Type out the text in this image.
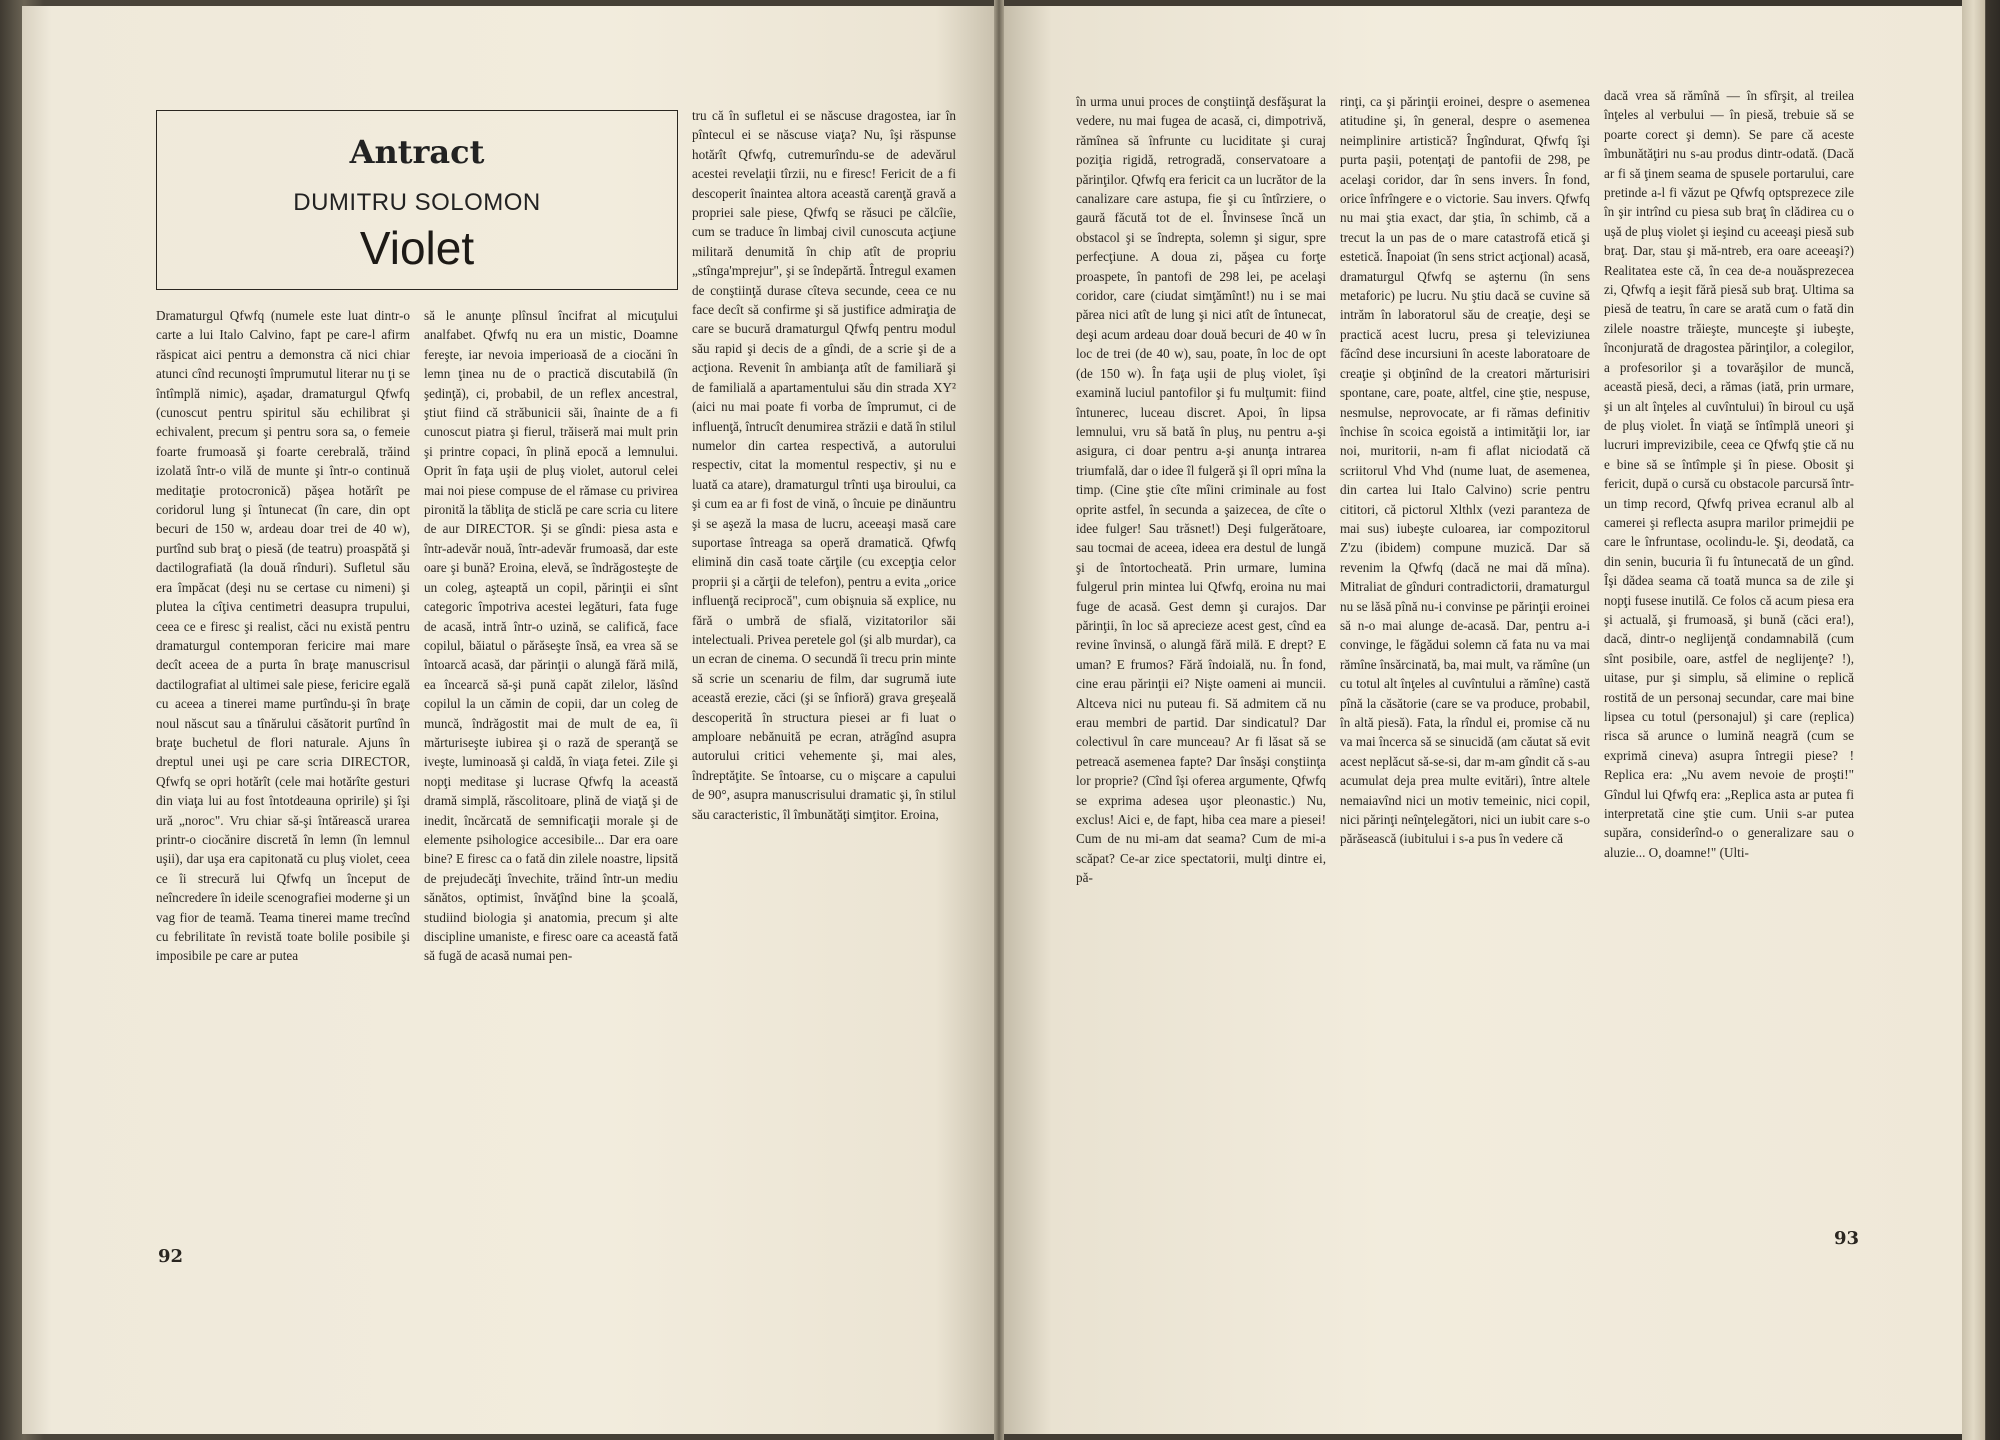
Antract
DUMITRU SOLOMON
Violet

Dramaturgul Qfwfq (numele este luat dintr-o carte a lui Italo Calvino, fapt pe care-l afirm răspicat aici pentru a demonstra că nici chiar atunci cînd recunoşti împrumutul literar nu ţi se întîmplă nimic), aşadar, dramaturgul Qfwfq (cunoscut pentru spiritul său echilibrat şi echivalent, precum şi pentru sora sa, o femeie foarte frumoasă şi foarte cerebrală, trăind izolată într-o vilă de munte şi într-o continuă meditaţie protocronică) păşea hotărît pe coridorul lung şi întunecat (în care, din opt becuri de 150 w, ardeau doar trei de 40 w), purtînd sub braţ o piesă (de teatru) proaspătă şi dactilografiată (la două rînduri). Sufletul său era împăcat (deşi nu se certase cu nimeni) şi plutea la cîţiva centimetri deasupra trupului, ceea ce e firesc şi realist, căci nu există pentru dramaturgul contemporan fericire mai mare decît aceea de a purta în braţe manuscrisul dactilografiat al ultimei sale piese, fericire egală cu aceea a tinerei mame purtîndu-şi în braţe noul născut sau a tînărului căsătorit purtînd în braţe buchetul de flori naturale. Ajuns în dreptul unei uşi pe care scria DIRECTOR, Qfwfq se opri hotărît (cele mai hotărîte gesturi din viaţa lui au fost întotdeauna opririle) şi îşi ură „noroc". Vru chiar să-şi întărească urarea printr-o ciocănire discretă în lemn (în lemnul uşii), dar uşa era capitonată cu pluş violet, ceea ce îi strecură lui Qfwfq un început de neîncredere în ideile scenografiei moderne şi un vag fior de teamă. Teama tinerei mame trecînd cu febrilitate în revistă toate bolile posibile şi imposibile pe care ar putea

să le anunţe plînsul încifrat al micuţului analfabet. Qfwfq nu era un mistic, Doamne fereşte, iar nevoia imperioasă de a ciocăni în lemn ţinea nu de o practică discutabilă (în şedinţă), ci, probabil, de un reflex ancestral, ştiut fiind că străbunicii săi, înainte de a fi cunoscut piatra şi fierul, trăiseră mai mult prin şi printre copaci, în plină epocă a lemnului. Oprit în faţa uşii de pluş violet, autorul celei mai noi piese compuse de el rămase cu privirea pironită la tăbliţa de sticlă pe care scria cu litere de aur DIRECTOR. Şi se gîndi: piesa asta e într-adevăr nouă, într-adevăr frumoasă, dar este oare şi bună? Eroina, elevă, se îndrăgosteşte de un coleg, aşteaptă un copil, părinţii ei sînt categoric împotriva acestei legături, fata fuge de acasă, intră într-o uzină, se califică, face copilul, băiatul o părăseşte însă, ea vrea să se întoarcă acasă, dar părinţii o alungă fără milă, ea încearcă să-şi pună capăt zilelor, lăsînd copilul la un cămin de copii, dar un coleg de muncă, îndrăgostit mai de mult de ea, îi mărturiseşte iubirea şi o rază de speranţă se iveşte, luminoasă şi caldă, în viaţa fetei. Zile şi nopţi meditase şi lucrase Qfwfq la această dramă simplă, răscolitoare, plină de viaţă şi de inedit, încărcată de semnificaţii morale şi de elemente psihologice accesibile... Dar era oare bine? E firesc ca o fată din zilele noastre, lipsită de prejudecăţi învechite, trăind într-un mediu sănătos, optimist, învăţînd bine la şcoală, studiind biologia şi anatomia, precum şi alte discipline umaniste, e firesc oare ca această fată să fugă de acasă numai pen-

tru că în sufletul ei se născuse dragostea, iar în pîntecul ei se născuse viaţa? Nu, îşi răspunse hotărît Qfwfq, cutremurîndu-se de adevărul acestei revelaţii tîrzii, nu e firesc! Fericit de a fi descoperit înaintea altora această carenţă gravă a propriei sale piese, Qfwfq se răsuci pe călcîie, cum se traduce în limbaj civil cunoscuta acţiune militară denumită în chip atît de propriu „stînga'mprejur", şi se îndepărtă. Întregul examen de conştiinţă durase cîteva secunde, ceea ce nu face decît să confirme şi să justifice admiraţia de care se bucură dramaturgul Qfwfq pentru modul său rapid şi decis de a gîndi, de a scrie şi de a acţiona. Revenit în ambianţa atît de familiară şi de familială a apartamentului său din strada XY² (aici nu mai poate fi vorba de împrumut, ci de influenţă, întrucît denumirea străzii e dată în stilul numelor din cartea respectivă, a autorului respectiv, citat la momentul respectiv, şi nu e luată ca atare), dramaturgul trînti uşa biroului, ca şi cum ea ar fi fost de vină, o încuie pe dinăuntru şi se aşeză la masa de lucru, aceeaşi masă care suportase întreaga sa operă dramatică. Qfwfq elimină din casă toate cărţile (cu excepţia celor proprii şi a cărţii de telefon), pentru a evita „orice influenţă reciprocă", cum obişnuia să explice, nu fără o umbră de sfială, vizitatorilor săi intelectuali. Privea peretele gol (şi alb murdar), ca un ecran de cinema. O secundă îi trecu prin minte să scrie un scenariu de film, dar sugrumă iute această erezie, căci (şi se înfioră) grava greşeală descoperită în structura piesei ar fi luat o amploare nebănuită pe ecran, atrăgînd asupra autorului critici vehemente şi, mai ales, îndreptăţite. Se întoarse, cu o mişcare a capului de 90°, asupra manuscrisului dramatic şi, în stilul său caracteristic, îl îmbunătăţi simţitor. Eroina,

92

în urma unui proces de conştiinţă desfăşurat la vedere, nu mai fugea de acasă, ci, dimpotrivă, rămînea să înfrunte cu luciditate şi curaj poziţia rigidă, retrogradă, conservatoare a părinţilor. Qfwfq era fericit ca un lucrător de la canalizare care astupa, fie şi cu întîrziere, o gaură făcută tot de el. Învinsese încă un obstacol şi se îndrepta, solemn şi sigur, spre perfecţiune. A doua zi, păşea cu forţe proaspete, în pantofi de 298 lei, pe acelaşi coridor, care (ciudat simţămînt!) nu i se mai părea nici atît de lung şi nici atît de întunecat, deşi acum ardeau doar două becuri de 40 w în loc de trei (de 40 w), sau, poate, în loc de opt (de 150 w). În faţa uşii de pluş violet, îşi examină luciul pantofilor şi fu mulţumit: fiind întunerec, luceau discret. Apoi, în lipsa lemnului, vru să bată în pluş, nu pentru a-şi asigura, ci doar pentru a-şi anunţa intrarea triumfală, dar o idee îl fulgeră şi îl opri mîna la timp. (Cine ştie cîte mîini criminale au fost oprite astfel, în secunda a şaizecea, de cîte o idee fulger! Sau trăsnet!) Deşi fulgerătoare, sau tocmai de aceea, ideea era destul de lungă şi de întortocheată. Prin urmare, lumina fulgerul prin mintea lui Qfwfq, eroina nu mai fuge de acasă. Gest demn şi curajos. Dar părinţii, în loc să aprecieze acest gest, cînd ea revine învinsă, o alungă fără milă. E drept? E uman? E frumos? Fără îndoială, nu. În fond, cine erau părinţii ei? Nişte oameni ai muncii. Altceva nici nu puteau fi. Să admitem că nu erau membri de partid. Dar sindicatul? Dar colectivul în care munceau? Ar fi lăsat să se petreacă asemenea fapte? Dar însăşi conştiinţa lor proprie? (Cînd îşi oferea argumente, Qfwfq se exprima adesea uşor pleonastic.) Nu, exclus! Aici e, de fapt, hiba cea mare a piesei! Cum de nu mi-am dat seama? Cum de mi-a scăpat? Ce-ar zice spectatorii, mulţi dintre ei, pă-

rinţi, ca şi părinţii eroinei, despre o asemenea atitudine şi, în general, despre o asemenea neimplinire artistică? Îngîndurat, Qfwfq îşi purta paşii, potenţaţi de pantofii de 298, pe acelaşi coridor, dar în sens invers. În fond, orice înfrîngere e o victorie. Sau invers. Qfwfq nu mai ştia exact, dar ştia, în schimb, că a trecut la un pas de o mare catastrofă etică şi estetică. Înapoiat (în sens strict acţional) acasă, dramaturgul Qfwfq se aşternu (în sens metaforic) pe lucru. Nu ştiu dacă se cuvine să intrăm în laboratorul său de creaţie, deşi se practică acest lucru, presa şi televiziunea făcînd dese incursiuni în aceste laboratoare de creaţie şi obţinînd de la creatori mărturisiri spontane, care, poate, altfel, cine ştie, nespuse, nesmulse, neprovocate, ar fi rămas definitiv închise în scoica egoistă a intimităţii lor, iar noi, muritorii, n-am fi aflat niciodată că scriitorul Vhd Vhd (nume luat, de asemenea, din cartea lui Italo Calvino) scrie pentru cititori, că pictorul Xlthlx (vezi paranteza de mai sus) iubeşte culoarea, iar compozitorul Z'zu (ibidem) compune muzică. Dar să revenim la Qfwfq (dacă ne mai dă mîna). Mitraliat de gînduri contradictorii, dramaturgul nu se lăsă pînă nu-i convinse pe părinţii eroinei să n-o mai alunge de-acasă. Dar, pentru a-i convinge, le făgădui solemn că fata nu va mai rămîne însărcinată, ba, mai mult, va rămîne (un cu totul alt înţeles al cuvîntului a rămîne) castă pînă la căsătorie (care se va produce, probabil, în altă piesă). Fata, la rîndul ei, promise că nu va mai încerca să se sinucidă (am căutat să evit acest neplăcut să-se-si, dar m-am gîndit că s-au acumulat deja prea multe evitări), între altele nemaiavînd nici un motiv temeinic, nici copil, nici părinţi neînţelegători, nici un iubit care s-o părăsească (iubitului i s-a pus în vedere că

dacă vrea să rămînă — în sfîrşit, al treilea înţeles al verbului — în piesă, trebuie să se poarte corect şi demn). Se pare că aceste îmbunătăţiri nu s-au produs dintr-odată. (Dacă ar fi să ţinem seama de spusele portarului, care pretinde a-l fi văzut pe Qfwfq optsprezece zile în şir intrînd cu piesa sub braţ în clădirea cu o uşă de pluş violet şi ieşind cu aceeaşi piesă sub braţ. Dar, stau şi mă-ntreb, era oare aceeaşi?) Realitatea este că, în cea de-a nouăsprezecea zi, Qfwfq a ieşit fără piesă sub braţ. Ultima sa piesă de teatru, în care se arată cum o fată din zilele noastre trăieşte, munceşte şi iubeşte, înconjurată de dragostea părinţilor, a colegilor, a profesorilor şi a tovarăşilor de muncă, această piesă, deci, a rămas (iată, prin urmare, şi un alt înţeles al cuvîntului) în biroul cu uşă de pluş violet. În viaţă se întîmplă uneori şi lucruri imprevizibile, ceea ce Qfwfq ştie că nu e bine să se întîmple şi în piese. Obosit şi fericit, după o cursă cu obstacole parcursă într-un timp record, Qfwfq privea ecranul alb al camerei şi reflecta asupra marilor primejdii pe care le înfruntase, ocolindu-le. Şi, deodată, ca din senin, bucuria îi fu întunecată de un gînd. Îşi dădea seama că toată munca sa de zile şi nopţi fusese inutilă. Ce folos că acum piesa era şi actuală, şi frumoasă, şi bună (căci era!), dacă, dintr-o neglijenţă condamnabilă (cum sînt posibile, oare, astfel de neglijenţe? !), uitase, pur şi simplu, să elimine o replică rostită de un personaj secundar, care mai bine lipsea cu totul (personajul) şi care (replica) risca să arunce o lumină neagră (cum se exprimă cineva) asupra întregii piese? ! Replica era: „Nu avem nevoie de proşti!" Gîndul lui Qfwfq era: „Replica asta ar putea fi interpretată cine ştie cum. Unii s-ar putea supăra, considerînd-o o generalizare sau o aluzie... O, doamne!" (Ulti-

93
